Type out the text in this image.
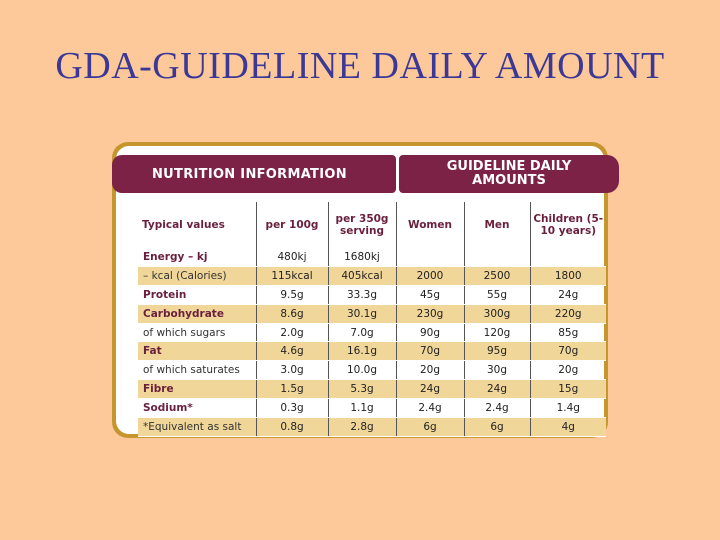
GDA-GUIDELINE DAILY AMOUNT
NUTRITION INFORMATION	GUIDELINE DAILY AMOUNTS
Typical values	per 100g	per 350g serving	Women	Men	Children (5-10 years)
Energy – kj	480kj	1680kj			
– kcal (Calories)	115kcal	405kcal	2000	2500	1800
Protein	9.5g	33.3g	45g	55g	24g
Carbohydrate	8.6g	30.1g	230g	300g	220g
of which sugars	2.0g	7.0g	90g	120g	85g
Fat	4.6g	16.1g	70g	95g	70g
of which saturates	3.0g	10.0g	20g	30g	20g
Fibre	1.5g	5.3g	24g	24g	15g
Sodium*	0.3g	1.1g	2.4g	2.4g	1.4g
*Equivalent as salt	0.8g	2.8g	6g	6g	4g
